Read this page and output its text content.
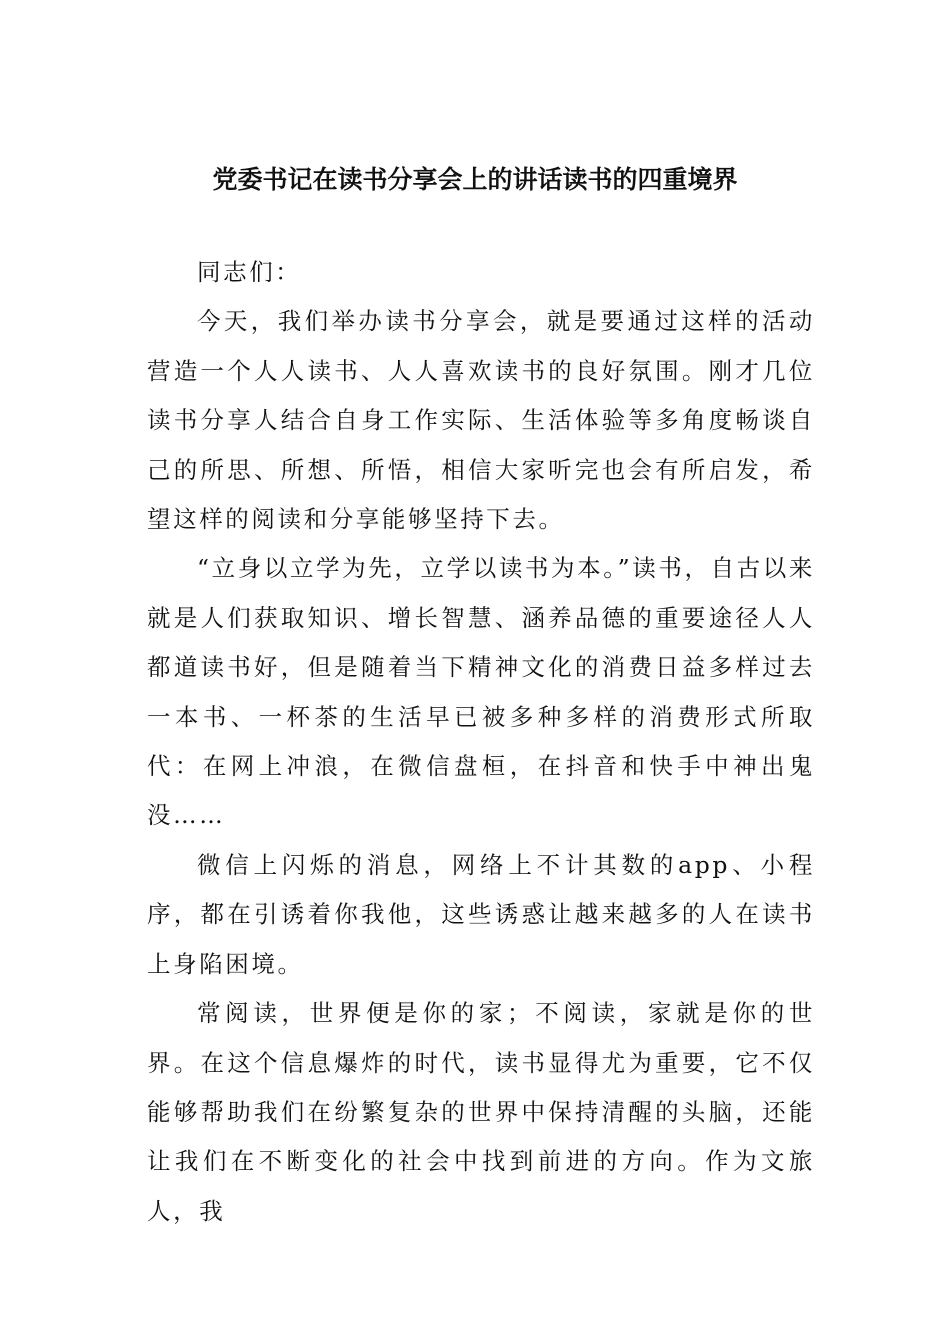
党委书记在读书分享会上的讲话读书的四重境界

同志们：

今天，我们举办读书分享会，就是要通过这样的活动营造一个人人读书、人人喜欢读书的良好氛围。刚才几位读书分享人结合自身工作实际、生活体验等多角度畅谈自己的所思、所想、所悟，相信大家听完也会有所启发，希望这样的阅读和分享能够坚持下去。

“立身以立学为先，立学以读书为本。”读书，自古以来就是人们获取知识、增长智慧、涵养品德的重要途径人人都道读书好，但是随着当下精神文化的消费日益多样过去一本书、一杯茶的生活早已被多种多样的消费形式所取代：在网上冲浪，在微信盘桓，在抖音和快手中神出鬼没……

微信上闪烁的消息，网络上不计其数的app、小程序，都在引诱着你我他，这些诱惑让越来越多的人在读书上身陷困境。

常阅读，世界便是你的家；不阅读，家就是你的世界。在这个信息爆炸的时代，读书显得尤为重要，它不仅能够帮助我们在纷繁复杂的世界中保持清醒的头脑，还能让我们在不断变化的社会中找到前进的方向。作为文旅人，我
